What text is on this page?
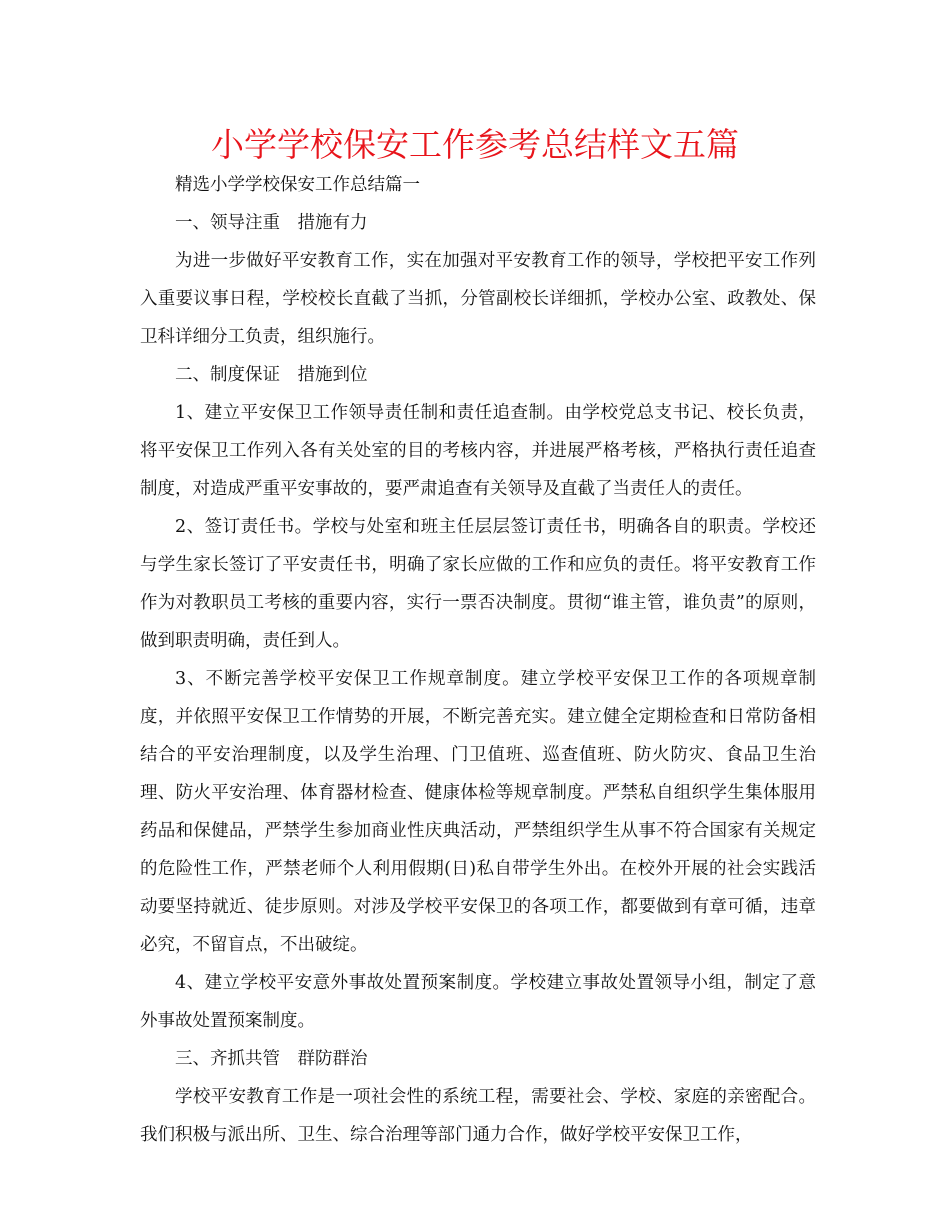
小学学校保安工作参考总结样文五篇

精选小学学校保安工作总结篇一

一、领导注重　措施有力

为进一步做好平安教育工作，实在加强对平安教育工作的领导，学校把平安工作列入重要议事日程，学校校长直截了当抓，分管副校长详细抓，学校办公室、政教处、保卫科详细分工负责，组织施行。

二、制度保证　措施到位

1、建立平安保卫工作领导责任制和责任追查制。由学校党总支书记、校长负责，将平安保卫工作列入各有关处室的目的考核内容，并进展严格考核，严格执行责任追查制度，对造成严重平安事故的，要严肃追查有关领导及直截了当责任人的责任。

2、签订责任书。学校与处室和班主任层层签订责任书，明确各自的职责。学校还与学生家长签订了平安责任书，明确了家长应做的工作和应负的责任。将平安教育工作作为对教职员工考核的重要内容，实行一票否决制度。贯彻“谁主管，谁负责”的原则，做到职责明确，责任到人。

3、不断完善学校平安保卫工作规章制度。建立学校平安保卫工作的各项规章制度，并依照平安保卫工作情势的开展，不断完善充实。建立健全定期检查和日常防备相结合的平安治理制度，以及学生治理、门卫值班、巡查值班、防火防灾、食品卫生治理、防火平安治理、体育器材检查、健康体检等规章制度。严禁私自组织学生集体服用药品和保健品，严禁学生参加商业性庆典活动，严禁组织学生从事不符合国家有关规定的危险性工作，严禁老师个人利用假期(日)私自带学生外出。在校外开展的社会实践活动要坚持就近、徒步原则。对涉及学校平安保卫的各项工作，都要做到有章可循，违章必究，不留盲点，不出破绽。

4、建立学校平安意外事故处置预案制度。学校建立事故处置领导小组，制定了意外事故处置预案制度。

三、齐抓共管　群防群治

学校平安教育工作是一项社会性的系统工程，需要社会、学校、家庭的亲密配合。我们积极与派出所、卫生、综合治理等部门通力合作，做好学校平安保卫工作，
